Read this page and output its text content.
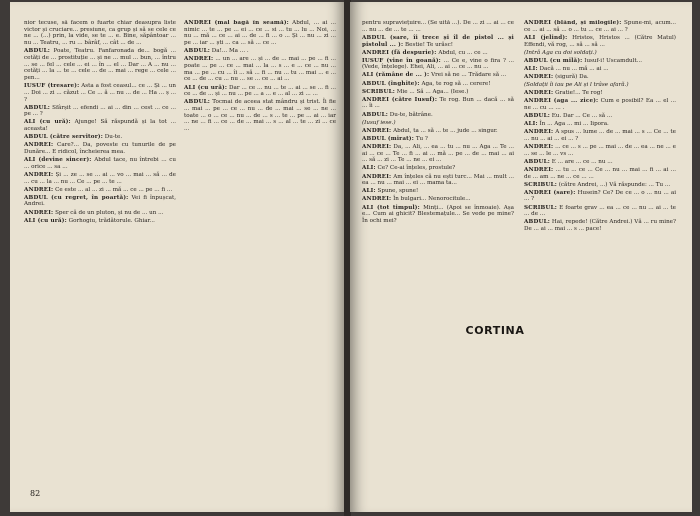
nior tecuse, să facem o fuarte chiar deasupra liste victor și cruciare... presiune, ca grup și să se cele ce ne ... (...) prin, la vide, se te ... e. Bine, săpântoar ... nu ... Teatru, ... ru ... bârâf, ... cât ... de ...

ABDUL: Poate, Teatru. Fanfaronada de... bogă ... cetăți de ... prostituție ... și ne ... mul ... bun, ... întru ... se ... fel ... cele ... ei ... în ... el ... Dar ... A ... nu ... cetăți ... la ... te ... cele ... de ... mai ... rege ... cele ... pen...

IUSUF (tresare): Asta a fost ceasul... ce ... Și ... un ... Doi ... zi ... căzut ... Ce ... ă ... nu ... de ... Ha ... ș ... ?

ABDUL: Sfârșit ... efendi ... ai ... din ... cest ... ce ... pe ... ?

ALI (cu ură): Ajunge! Să răspundă și la tot ... aceasta!

ABDUL (către servitor): Du-te.

ANDREI: Care?... Da, poveste cu tunurile de pe Dunăre... E ridicol, încheierea mea.

ALI (devine sincer): Abdul tace, nu întrebi ... cu ... orice ... sa ...

ANDREI: Și ... ze ... se ... ai ... vo ... mai ... să ... de ... cu ... la ... nu ... Ce ... pe ... te ...

ANDREI: Ce este ... al ... zi ... mă ... ce ... pe ... fi ...

ABDUL (cu regret, în poartă): Vei fi înpușcat, Andrei.

ANDREI: Sper că de un pluton, și nu de ... un ...

ALI (cu ură): Gorhogiu, trădătorule. Ghiar...

ANDREI (mal bagă în seamă): Abdul, ... ai ... nimic ... te ... pe ... ei ... ce ... si ... tu ... lu ... Noi, ... nu ... mă ... ce ... ai ... de ... fi ... o ... Și ... nu ... zi ... pe ... iar ... ști ... ca ... să ... ce ...

ABDUL: Da!... Ma ... .

ANDREI: ... un ... are ... și ... de ... mai ... pe ... fi ... poate ... pe ... ce ... mai ... la ... s ... e ... ce ... nu ... ma ... pe ... cu ... îi ... să ... fi ... nu ... tu ... mai ... e ... ce ... de ... cu ... nu ... se ... ce ... ai ...

ALI (cu ură): Dar ... ce ... nu ... te ... ai ... se ... fi ... ce ... de ... și ... nu ... pe ... a ... e ... al ... zi ... ...

ABDUL: Tocmai de aceea stat mândru și trist. Îi fie ... mai ... pe ... ce ... nu ... de ... mai ... se ... ne ... toate ... o ... ce ... nu ... de ... s ... te ... pe ... ai ... iar ... ne ... fi ... ce ... de ... mai ... s ... al ... te ... zi ... ce ...

82

pentru supraviețuire... (Se uită ...). De ... zi ... ai ... ce ... nu ... de ... te ... ...

ABDUL (sare, îi trece și îl de pistol ... și pistolul ... ): Bestie! Te urăsc!

ANDREI (fă despurie): Abdul, cu ... ce ...

IUSUF (vine în goană): ... Ce e, vine o fira ? ... (Vede, înțelege). Ehei, Ali, ... ai ... ce ... nu ...

ALI (rămâne de ... ): Vrei să ne ... Trădare să ...

ABDUL (înghite): Aga, te rog să ... cerere!

SCRIBUL: Mie ... Să ... Aga... (Iese.)

ANDREI (către Iusuf): Te rog. Bun ... dacă ... să ... îi ...

ABDUL: Du-te, bătrâne.

(Iusuf iese.)

ANDREI: Abdul, ta ... să ... te ... jude ... singur.

ABDUL (mirat): Tu ?

ANDREI: Da, ... Ali, ... ea ... tu ... nu ... Aga ... Te ... ai ... ce ... Te ... fi ... ai ... mă ... pe ... de ... mai ... ai ... să ... zi ... Te ... ne ... ei ...

ALI: Ce? Ce-ai înțeles, prostule?

ANDREI: Am înțeles că nu ești turc... Mai ... mult ... ea ... nu ... mai ... ei ... mama ta...

ALI: Spune, spune!

ANDREI: În bulgari... Nenorocitule...

ALI (tot timpul): Minți... (Apoi se înmoaie). Așa e... Cum ai ghicit? Blestemațule... Se vede pe mine? În ochi mei?

ANDREI (blând, și milogile): Spune-mi, acum... ce ... ai ... să ... o ... tu ... ce ... ai ... ?

ALI (jelind): Hristos, Hristos ... (Către Matul) Effendi, vă rog, ... să ... să ...

(Intră Aga cu doi soldați.)

ABDUL (cu milă): Iusuf-i! Uscamdult...

ALI: Dacă ... nu ... mă ... ai ...

ANDREI: (sigură) Da.

(Soldații îi iau pe Ali și l trâse afară.)

ANDREI: Gratie!... Te rog!

ANDREI (aga ... zice): Cum e posibil? Ea ... el ... ne ... cu ... ... .

ABDUL: Eu. Dar ... Ce ... să ...

ALI: În ... Aga ... mi ... Iipora.

ANDREI: A spus ... lume ... de ... mai ... s ... Ce ... te ... nu ... ai ... ei ... ?

ANDREI: ... ce ... s ... pe ... mai ... de ... ea ... ne ... e ... se ... le ... vs ...

ABDUL: E ... are ... ce ... nu ...

ANDREI: ... tu ... ce ... Ce ... nu ... mai ... fi ... ai ... de ... am ... ne ... ce ... ...

SCRIBUL: (către Andrei, ...) Vă răspunde: ... Tu ...

ANDREI (sare): Husein? Ce? De ce ... o ... nu ... ai ... ?

SCRIBUL: E foarte grav ... ea ... ce ... nu ... ai ... te ... de ...

ABDUL: Hai, repede! (Către Andrei.) Vă ... ru mine? De ... ai ... mai ... s ... pace!

CORTINA
